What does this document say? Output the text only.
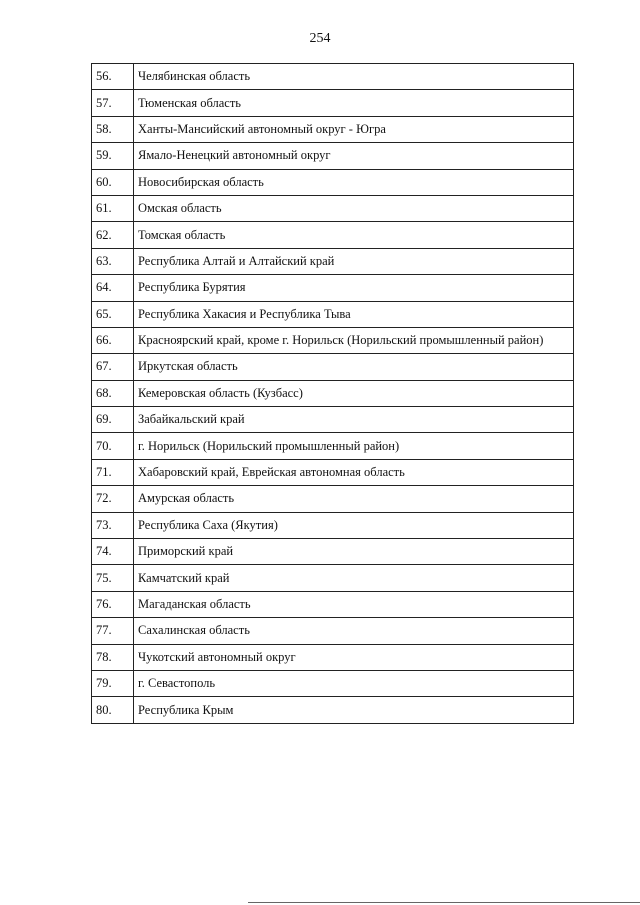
254
56.	Челябинская область
57.	Тюменская область
58.	Ханты-Мансийский автономный округ - Югра
59.	Ямало-Ненецкий автономный округ
60.	Новосибирская область
61.	Омская область
62.	Томская область
63.	Республика Алтай и Алтайский край
64.	Республика Бурятия
65.	Республика Хакасия и Республика Тыва
66.	Красноярский край, кроме г. Норильск (Норильский промышленный район)
67.	Иркутская область
68.	Кемеровская область (Кузбасс)
69.	Забайкальский край
70.	г. Норильск (Норильский промышленный район)
71.	Хабаровский край, Еврейская автономная область
72.	Амурская область
73.	Республика Саха (Якутия)
74.	Приморский край
75.	Камчатский край
76.	Магаданская область
77.	Сахалинская область
78.	Чукотский автономный округ
79.	г. Севастополь
80.	Республика Крым
